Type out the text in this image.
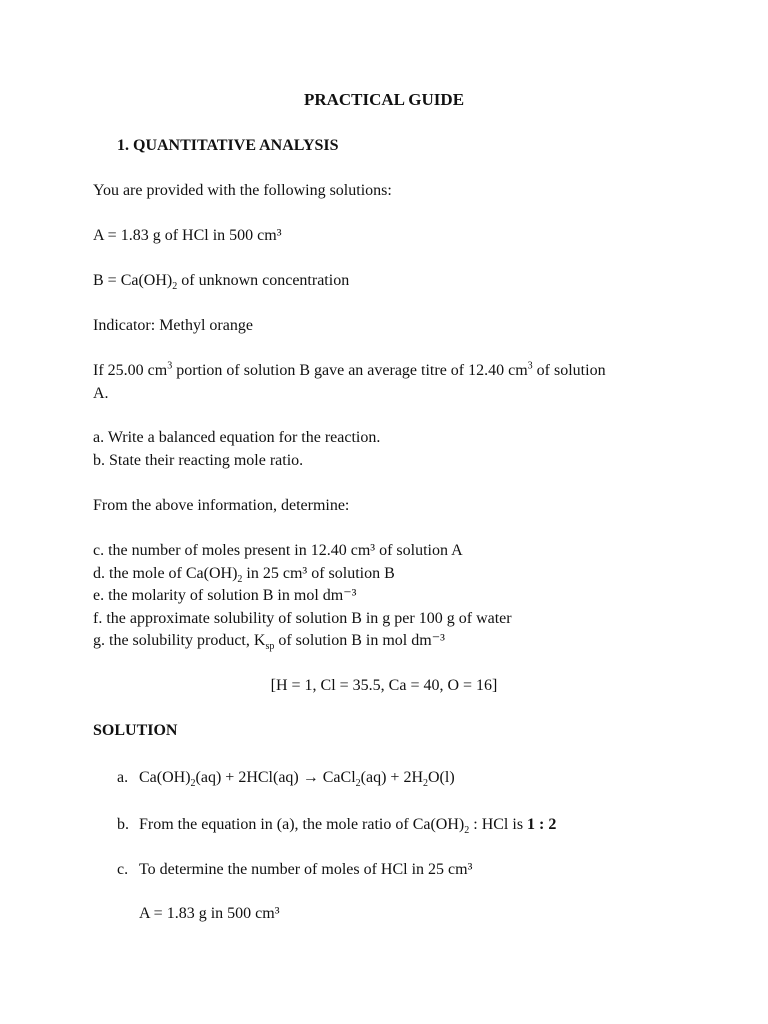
PRACTICAL GUIDE
1. QUANTITATIVE ANALYSIS
You are provided with the following solutions:
A = 1.83 g of HCl in 500 cm³
$B = Ca(OH)_2$ of unknown concentration
Indicator: Methyl orange
If 25.00 $cm^3$ portion of solution B gave an average titre of 12.40 $cm^3$ of solution
A.
a. Write a balanced equation for the reaction.
b. State their reacting mole ratio.
From the above information, determine:
c. the number of moles present in 12.40 cm³ of solution A
d. the mole of $Ca(OH)_2$ in 25 cm³ of solution B
e. the molarity of solution B in mol dm⁻³
f. the approximate solubility of solution B in g per 100 g of water
g. the solubility product, $K_{sp}$ of solution B in mol dm⁻³
[H = 1, Cl = 35.5, Ca = 40, O = 16]
SOLUTION
a. $Ca(OH)_2(aq) + 2HCl(aq)$ → CaCl$_2$(aq) + $2H_2O(l)$
b. From the equation in (a), the mole ratio of $Ca(OH)_2$ : HCl is 1 : 2
c. To determine the number of moles of HCl in 25 cm³
A = 1.83 g in 500 cm³
